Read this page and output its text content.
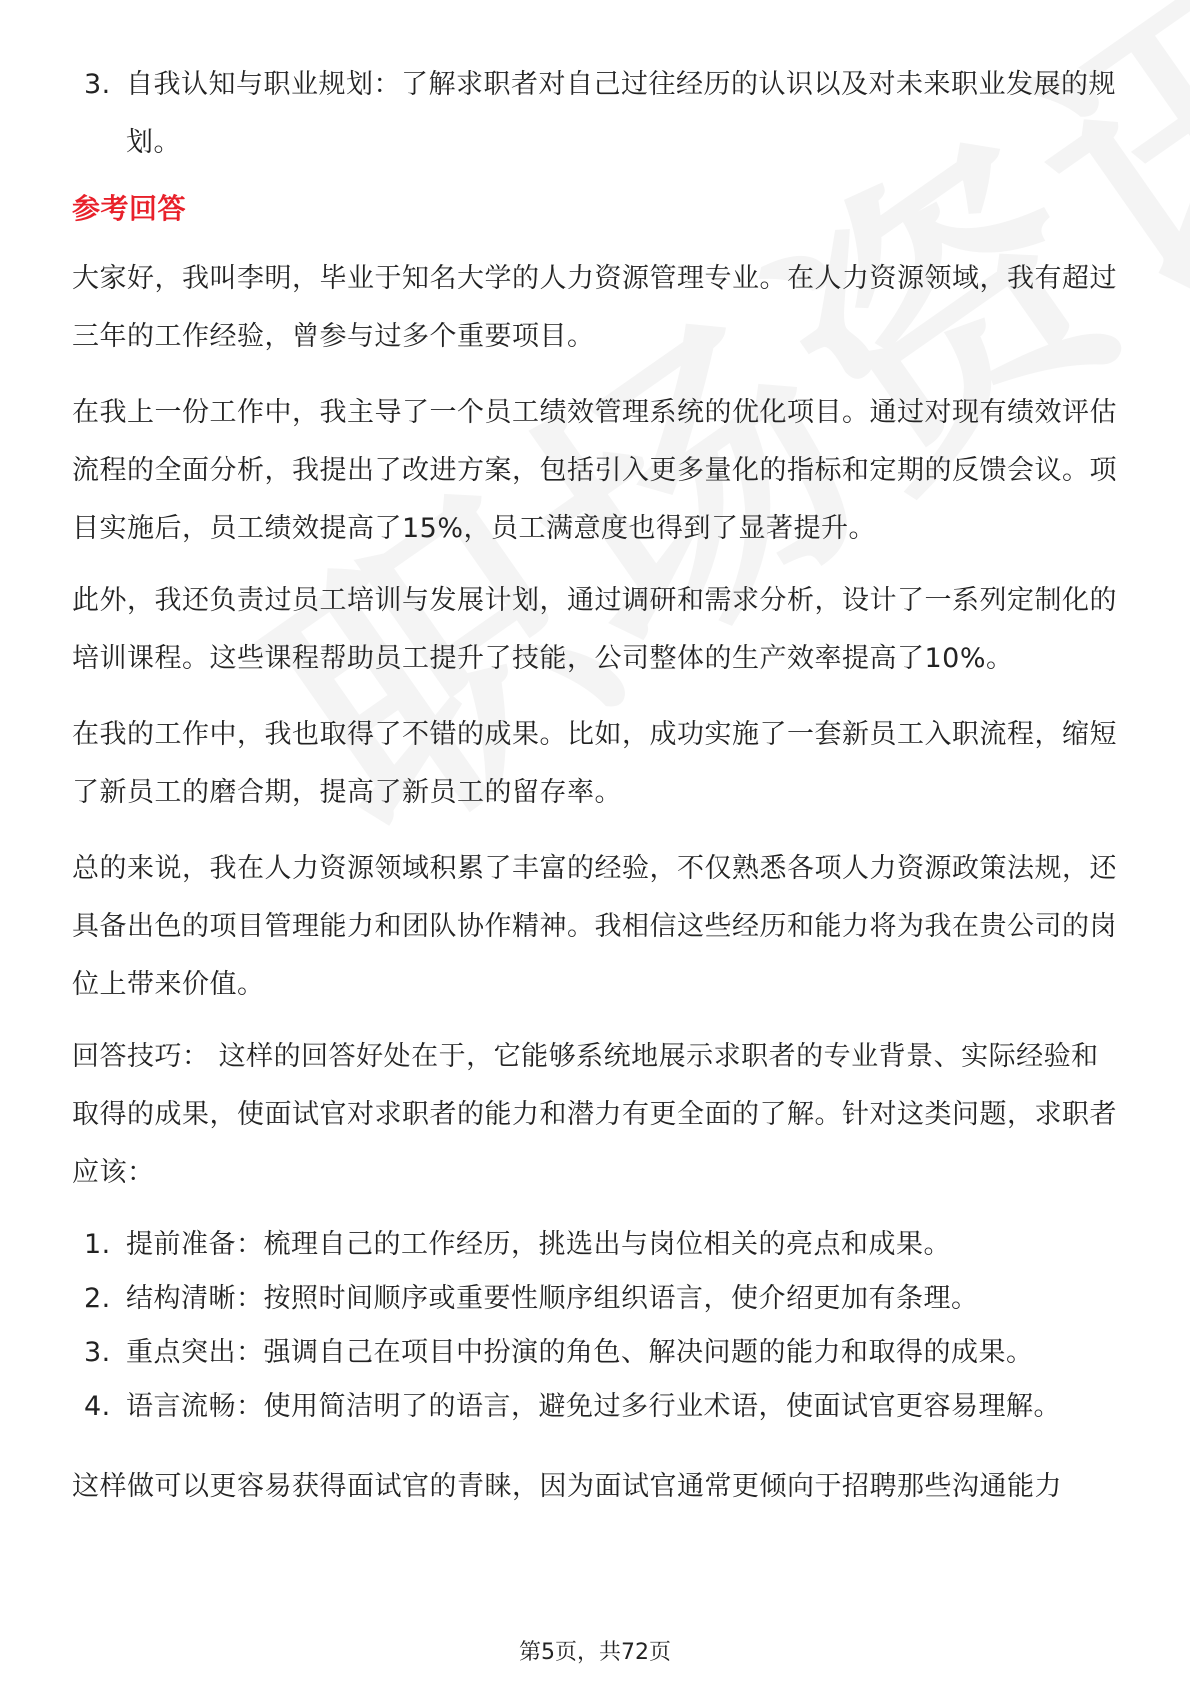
3. 自我认知与职业规划：了解求职者对自己过往经历的认识以及对未来职业发展的规划。
参考回答
大家好，我叫李明，毕业于知名大学的人力资源管理专业。在人力资源领域，我有超过三年的工作经验，曾参与过多个重要项目。
在我上一份工作中，我主导了一个员工绩效管理系统的优化项目。通过对现有绩效评估流程的全面分析，我提出了改进方案，包括引入更多量化的指标和定期的反馈会议。项目实施后，员工绩效提高了15%，员工满意度也得到了显著提升。
此外，我还负责过员工培训与发展计划，通过调研和需求分析，设计了一系列定制化的培训课程。这些课程帮助员工提升了技能，公司整体的生产效率提高了10%。
在我的工作中，我也取得了不错的成果。比如，成功实施了一套新员工入职流程，缩短了新员工的磨合期，提高了新员工的留存率。
总的来说，我在人力资源领域积累了丰富的经验，不仅熟悉各项人力资源政策法规，还具备出色的项目管理能力和团队协作精神。我相信这些经历和能力将为我在贵公司的岗位上带来价值。
回答技巧： 这样的回答好处在于，它能够系统地展示求职者的专业背景、实际经验和取得的成果，使面试官对求职者的能力和潜力有更全面的了解。针对这类问题，求职者应该：
1. 提前准备：梳理自己的工作经历，挑选出与岗位相关的亮点和成果。
2. 结构清晰：按照时间顺序或重要性顺序组织语言，使介绍更加有条理。
3. 重点突出：强调自己在项目中扮演的角色、解决问题的能力和取得的成果。
4. 语言流畅：使用简洁明了的语言，避免过多行业术语，使面试官更容易理解。
这样做可以更容易获得面试官的青睐，因为面试官通常更倾向于招聘那些沟通能力
第5页，共72页
